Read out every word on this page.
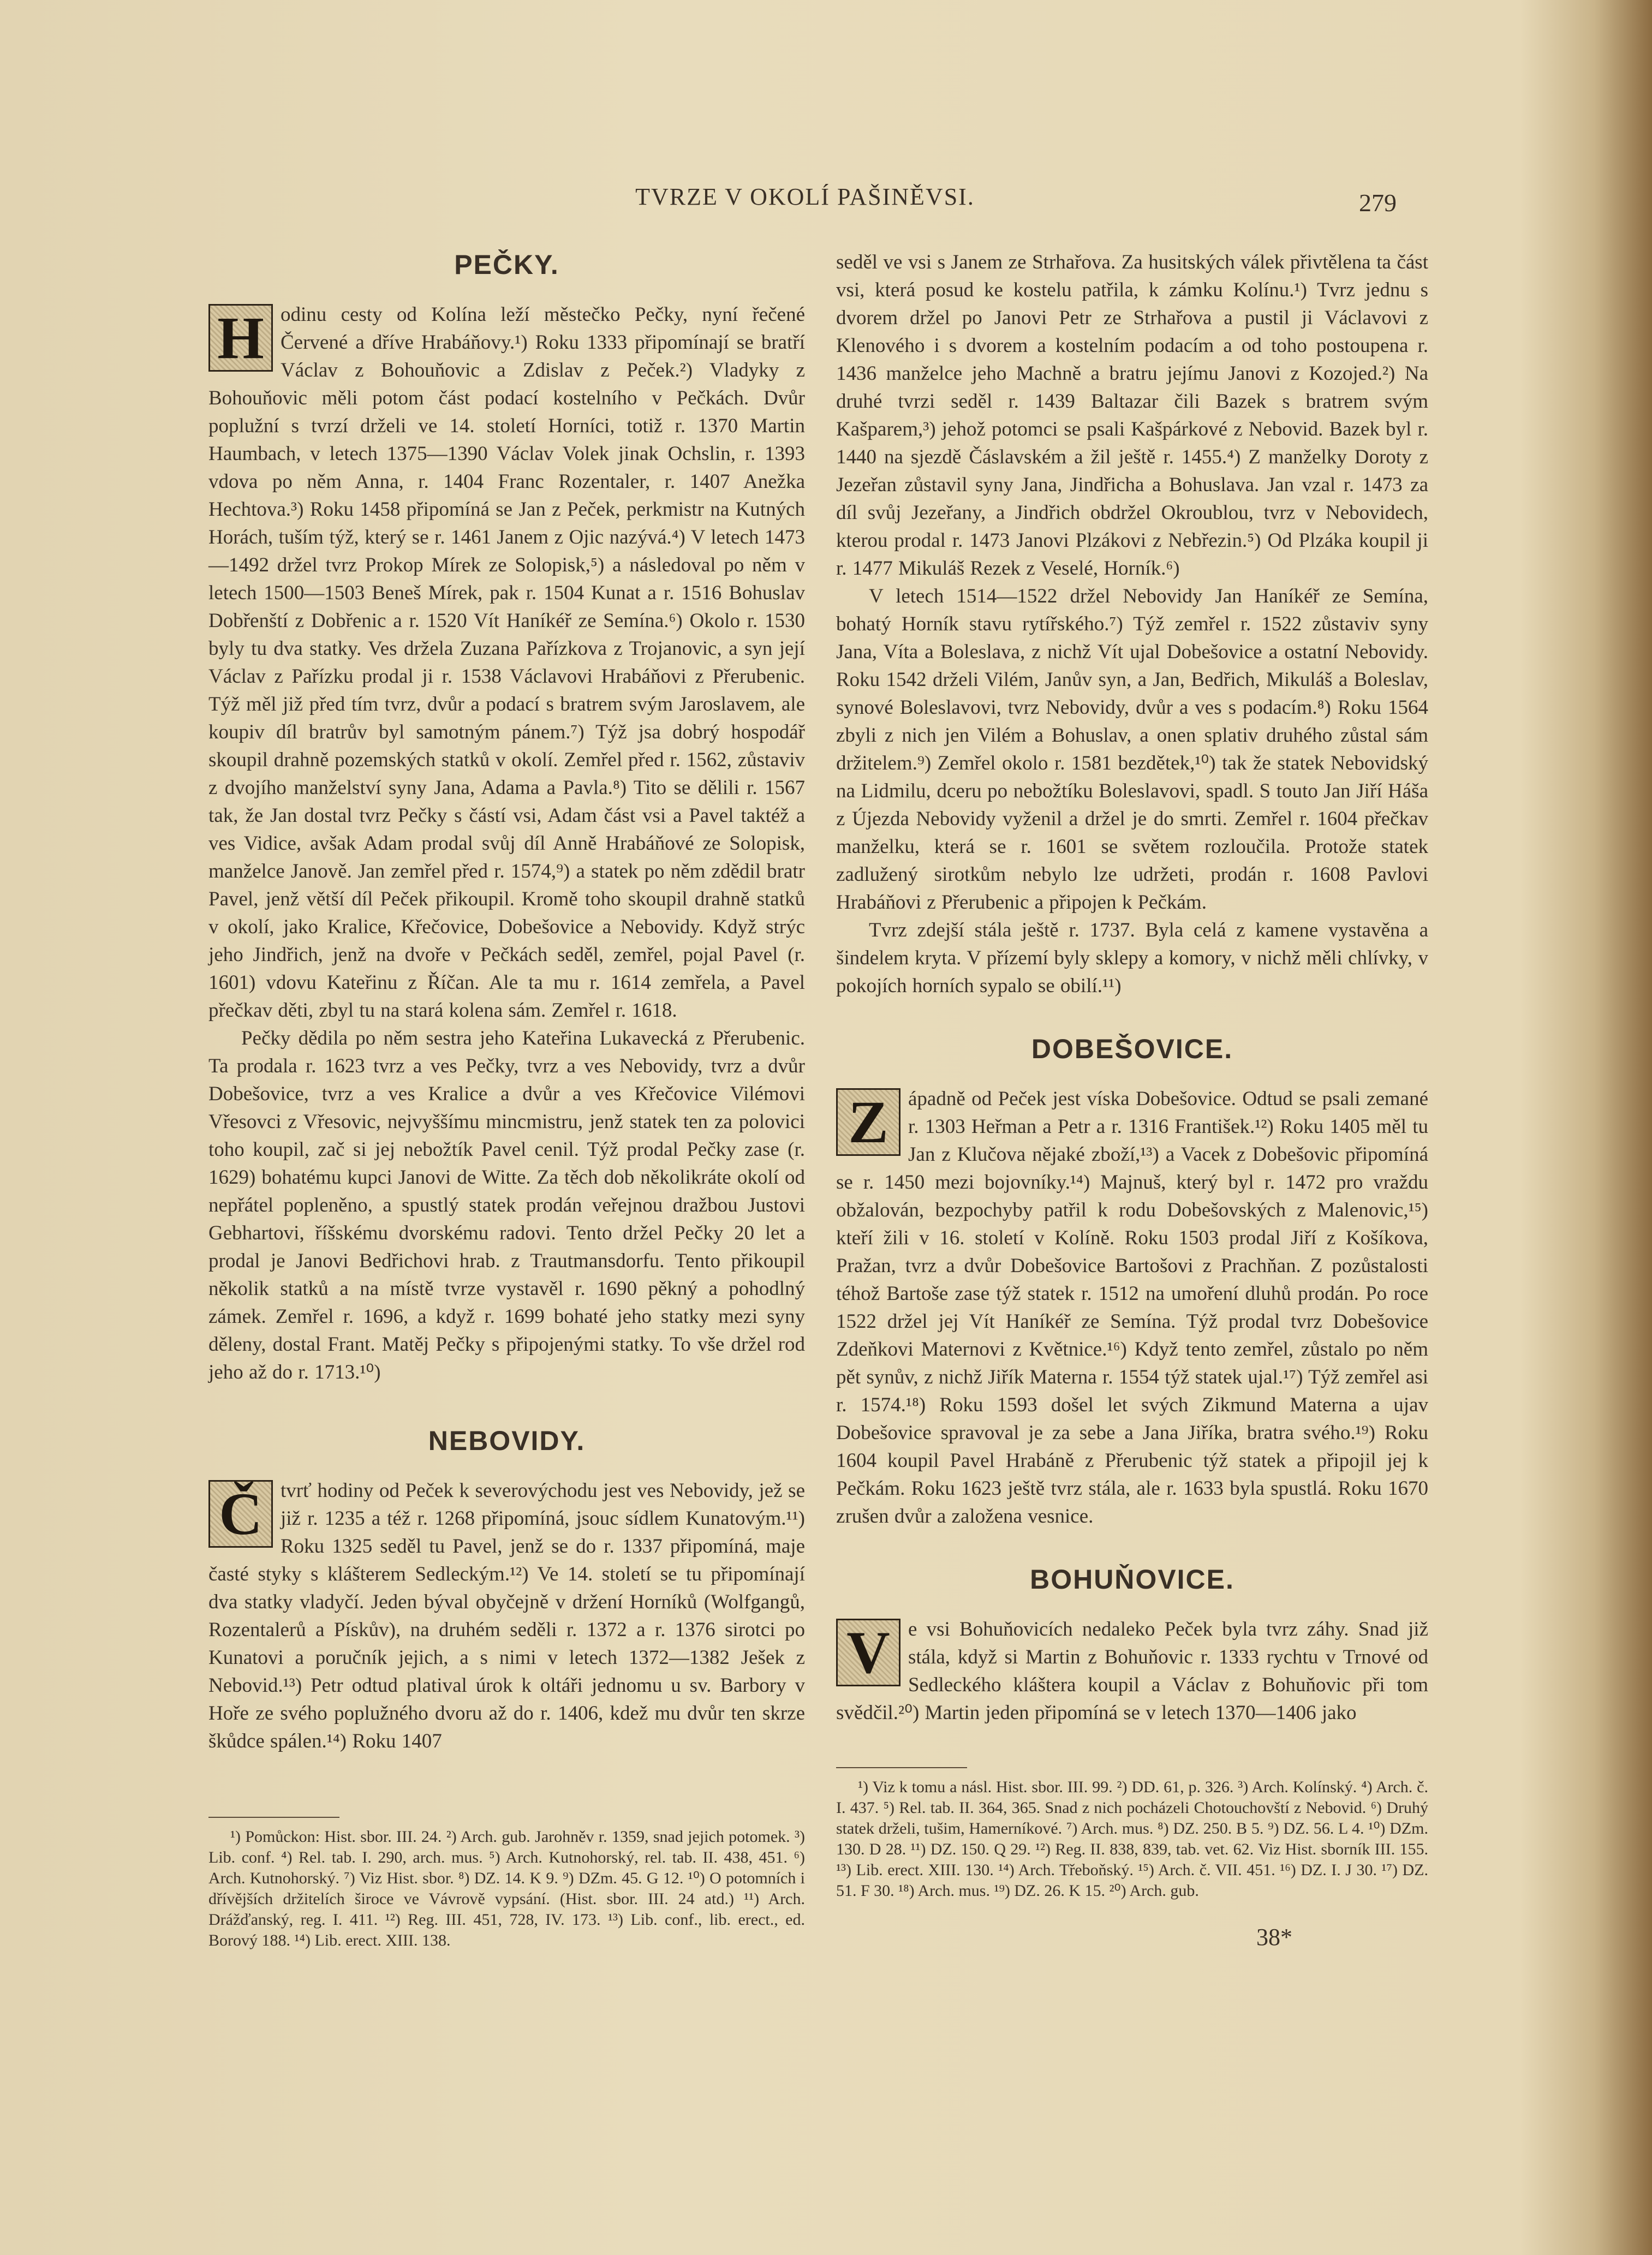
TVRZE V OKOLÍ PAŠINĚVSI.	279
PEČKY.

H odinu cesty od Kolína leží městečko Pečky, nyní řečené Červené a dříve Hrabáňovy.¹) Roku 1333 připomínají se bratří Václav z Bohouňovic a Zdislav z Peček.²) Vladyky z Bohouňovic měli potom část podací kostelního v Pečkách. Dvůr poplužní s tvrzí drželi ve 14. století Horníci, totiž r. 1370 Martin Haumbach, v letech 1375—1390 Václav Volek jinak Ochslin, r. 1393 vdova po něm Anna, r. 1404 Franc Rozentaler, r. 1407 Anežka Hechtova.³) Roku 1458 připomíná se Jan z Peček, perkmistr na Kutných Horách, tuším týž, který se r. 1461 Janem z Ojic nazývá.⁴) V letech 1473—1492 držel tvrz Prokop Mírek ze Solopisk,⁵) a následoval po něm v letech 1500—1503 Beneš Mírek, pak r. 1504 Kunat a r. 1516 Bohuslav Dobřenští z Dobřenic a r. 1520 Vít Haníkéř ze Semína.⁶) Okolo r. 1530 byly tu dva statky. Ves držela Zuzana Pařízkova z Trojanovic, a syn její Václav z Pařízku prodal ji r. 1538 Václavovi Hrabáňovi z Přerubenic. Týž měl již před tím tvrz, dvůr a podací s bratrem svým Jaroslavem, ale koupiv díl bratrův byl samotným pánem.⁷) Týž jsa dobrý hospodář skoupil drahně pozemských statků v okolí. Zemřel před r. 1562, zůstaviv z dvojího manželství syny Jana, Adama a Pavla.⁸) Tito se dělili r. 1567 tak, že Jan dostal tvrz Pečky s částí vsi, Adam část vsi a Pavel taktéž a ves Vidice, avšak Adam prodal svůj díl Anně Hrabáňové ze Solopisk, manželce Janově. Jan zemřel před r. 1574,⁹) a statek po něm zdědil bratr Pavel, jenž větší díl Peček přikoupil. Kromě toho skoupil drahně statků v okolí, jako Kralice, Křečovice, Dobešovice a Nebovidy. Když strýc jeho Jindřich, jenž na dvoře v Pečkách seděl, zemřel, pojal Pavel (r. 1601) vdovu Kateřinu z Říčan. Ale ta mu r. 1614 zemřela, a Pavel přečkav děti, zbyl tu na stará kolena sám. Zemřel r. 1618.

Pečky dědila po něm sestra jeho Kateřina Lukavecká z Přerubenic. Ta prodala r. 1623 tvrz a ves Pečky, tvrz a ves Nebovidy, tvrz a dvůr Dobešovice, tvrz a ves Kralice a dvůr a ves Křečovice Vilémovi Vřesovci z Vřesovic, nejvyššímu mincmistru, jenž statek ten za polovici toho koupil, zač si jej nebožtík Pavel cenil. Týž prodal Pečky zase (r. 1629) bohatému kupci Janovi de Witte. Za těch dob několikráte okolí od nepřátel popleněno, a spustlý statek prodán veřejnou dražbou Justovi Gebhartovi, říšskému dvorskému radovi. Tento držel Pečky 20 let a prodal je Janovi Bedřichovi hrab. z Trautmansdorfu. Tento přikoupil několik statků a na místě tvrze vystavěl r. 1690 pěkný a pohodlný zámek. Zemřel r. 1696, a když r. 1699 bohaté jeho statky mezi syny děleny, dostal Frant. Matěj Pečky s připojenými statky. To vše držel rod jeho až do r. 1713.¹⁰)

NEBOVIDY.

Č tvrť hodiny od Peček k severovýchodu jest ves Nebovidy, jež se již r. 1235 a též r. 1268 připomíná, jsouc sídlem Kunatovým.¹¹) Roku 1325 seděl tu Pavel, jenž se do r. 1337 připomíná, maje časté styky s klášterem Sedleckým.¹²) Ve 14. století se tu připomínají dva statky vladyčí. Jeden býval obyčejně v držení Horníků (Wolfgangů, Rozentalerů a Pískův), na druhém seděli r. 1372 a r. 1376 sirotci po Kunatovi a poručník jejich, a s nimi v letech 1372—1382 Ješek z Nebovid.¹³) Petr odtud platival úrok k oltáři jednomu u sv. Barbory v Hoře ze svého poplužného dvoru až do r. 1406, kdež mu dvůr ten skrze škůdce spálen.¹⁴) Roku 1407

¹) Pomůckon: Hist. sbor. III. 24. ²) Arch. gub. Jarohněv r. 1359, snad jejich potomek. ³) Lib. conf. ⁴) Rel. tab. I. 290, arch. mus. ⁵) Arch. Kutnohorský, rel. tab. II. 438, 451. ⁶) Arch. Kutnohorský. ⁷) Viz Hist. sbor. ⁸) DZ. 14. K 9. ⁹) DZm. 45. G 12. ¹⁰) O potomních i dřívějších držitelích široce ve Vávrově vypsání. (Hist. sbor. III. 24 atd.) ¹¹) Arch. Drážďanský, reg. I. 411. ¹²) Reg. III. 451, 728, IV. 173. ¹³) Lib. conf., lib. erect., ed. Borový 188. ¹⁴) Lib. erect. XIII. 138.

seděl ve vsi s Janem ze Strhařova. Za husitských válek přivtělena ta část vsi, která posud ke kostelu patřila, k zámku Kolínu.¹) Tvrz jednu s dvorem držel po Janovi Petr ze Strhařova a pustil ji Václavovi z Klenového i s dvorem a kostelním podacím a od toho postoupena r. 1436 manželce jeho Machně a bratru jejímu Janovi z Kozojed.²) Na druhé tvrzi seděl r. 1439 Baltazar čili Bazek s bratrem svým Kašparem,³) jehož potomci se psali Kašpárkové z Nebovid. Bazek byl r. 1440 na sjezdě Čáslavském a žil ještě r. 1455.⁴) Z manželky Doroty z Jezeřan zůstavil syny Jana, Jindřicha a Bohuslava. Jan vzal r. 1473 za díl svůj Jezeřany, a Jindřich obdržel Okroublou, tvrz v Nebovidech, kterou prodal r. 1473 Janovi Plzákovi z Nebřezin.⁵) Od Plzáka koupil ji r. 1477 Mikuláš Rezek z Veselé, Horník.⁶)

V letech 1514—1522 držel Nebovidy Jan Haníkéř ze Semína, bohatý Horník stavu rytířského.⁷) Týž zemřel r. 1522 zůstaviv syny Jana, Víta a Boleslava, z nichž Vít ujal Dobešovice a ostatní Nebovidy. Roku 1542 drželi Vilém, Janův syn, a Jan, Bedřich, Mikuláš a Boleslav, synové Boleslavovi, tvrz Nebovidy, dvůr a ves s podacím.⁸) Roku 1564 zbyli z nich jen Vilém a Bohuslav, a onen splativ druhého zůstal sám držitelem.⁹) Zemřel okolo r. 1581 bezdětek,¹⁰) tak že statek Nebovidský na Lidmilu, dceru po nebožtíku Boleslavovi, spadl. S touto Jan Jiří Háša z Újezda Nebovidy vyženil a držel je do smrti. Zemřel r. 1604 přečkav manželku, která se r. 1601 se světem rozloučila. Protože statek zadlužený sirotkům nebylo lze udržeti, prodán r. 1608 Pavlovi Hrabáňovi z Přerubenic a připojen k Pečkám.

Tvrz zdejší stála ještě r. 1737. Byla celá z kamene vystavěna a šindelem kryta. V přízemí byly sklepy a komory, v nichž měli chlívky, v pokojích horních sypalo se obilí.¹¹)

DOBEŠOVICE.

Z ápadně od Peček jest víska Dobešovice. Odtud se psali zemané r. 1303 Heřman a Petr a r. 1316 František.¹²) Roku 1405 měl tu Jan z Klučova nějaké zboží,¹³) a Vacek z Dobešovic připomíná se r. 1450 mezi bojovníky.¹⁴) Majnuš, který byl r. 1472 pro vraždu obžalován, bezpochyby patřil k rodu Dobešovských z Malenovic,¹⁵) kteří žili v 16. století v Kolíně. Roku 1503 prodal Jiří z Košíkova, Pražan, tvrz a dvůr Dobešovice Bartošovi z Prachňan. Z pozůstalosti téhož Bartoše zase týž statek r. 1512 na umoření dluhů prodán. Po roce 1522 držel jej Vít Haníkéř ze Semína. Týž prodal tvrz Dobešovice Zdeňkovi Maternovi z Květnice.¹⁶) Když tento zemřel, zůstalo po něm pět synův, z nichž Jiřík Materna r. 1554 týž statek ujal.¹⁷) Týž zemřel asi r. 1574.¹⁸) Roku 1593 došel let svých Zikmund Materna a ujav Dobešovice spravoval je za sebe a Jana Jiříka, bratra svého.¹⁹) Roku 1604 koupil Pavel Hrabáně z Přerubenic týž statek a připojil jej k Pečkám. Roku 1623 ještě tvrz stála, ale r. 1633 byla spustlá. Roku 1670 zrušen dvůr a založena vesnice.

BOHUŇOVICE.

V e vsi Bohuňovicích nedaleko Peček byla tvrz záhy. Snad již stála, když si Martin z Bohuňovic r. 1333 rychtu v Trnové od Sedleckého kláštera koupil a Václav z Bohuňovic při tom svědčil.²⁰) Martin jeden připomíná se v letech 1370—1406 jako

¹) Viz k tomu a násl. Hist. sbor. III. 99. ²) DD. 61, p. 326. ³) Arch. Kolínský. ⁴) Arch. č. I. 437. ⁵) Rel. tab. II. 364, 365. Snad z nich pocházeli Chotouchovští z Nebovid. ⁶) Druhý statek drželi, tušim, Hamerníkové. ⁷) Arch. mus. ⁸) DZ. 250. B 5. ⁹) DZ. 56. L 4. ¹⁰) DZm. 130. D 28. ¹¹) DZ. 150. Q 29. ¹²) Reg. II. 838, 839, tab. vet. 62. Viz Hist. sborník III. 155. ¹³) Lib. erect. XIII. 130. ¹⁴) Arch. Třeboňský. ¹⁵) Arch. č. VII. 451. ¹⁶) DZ. I. J 30. ¹⁷) DZ. 51. F 30. ¹⁸) Arch. mus. ¹⁹) DZ. 26. K 15. ²⁰) Arch. gub.

38*
